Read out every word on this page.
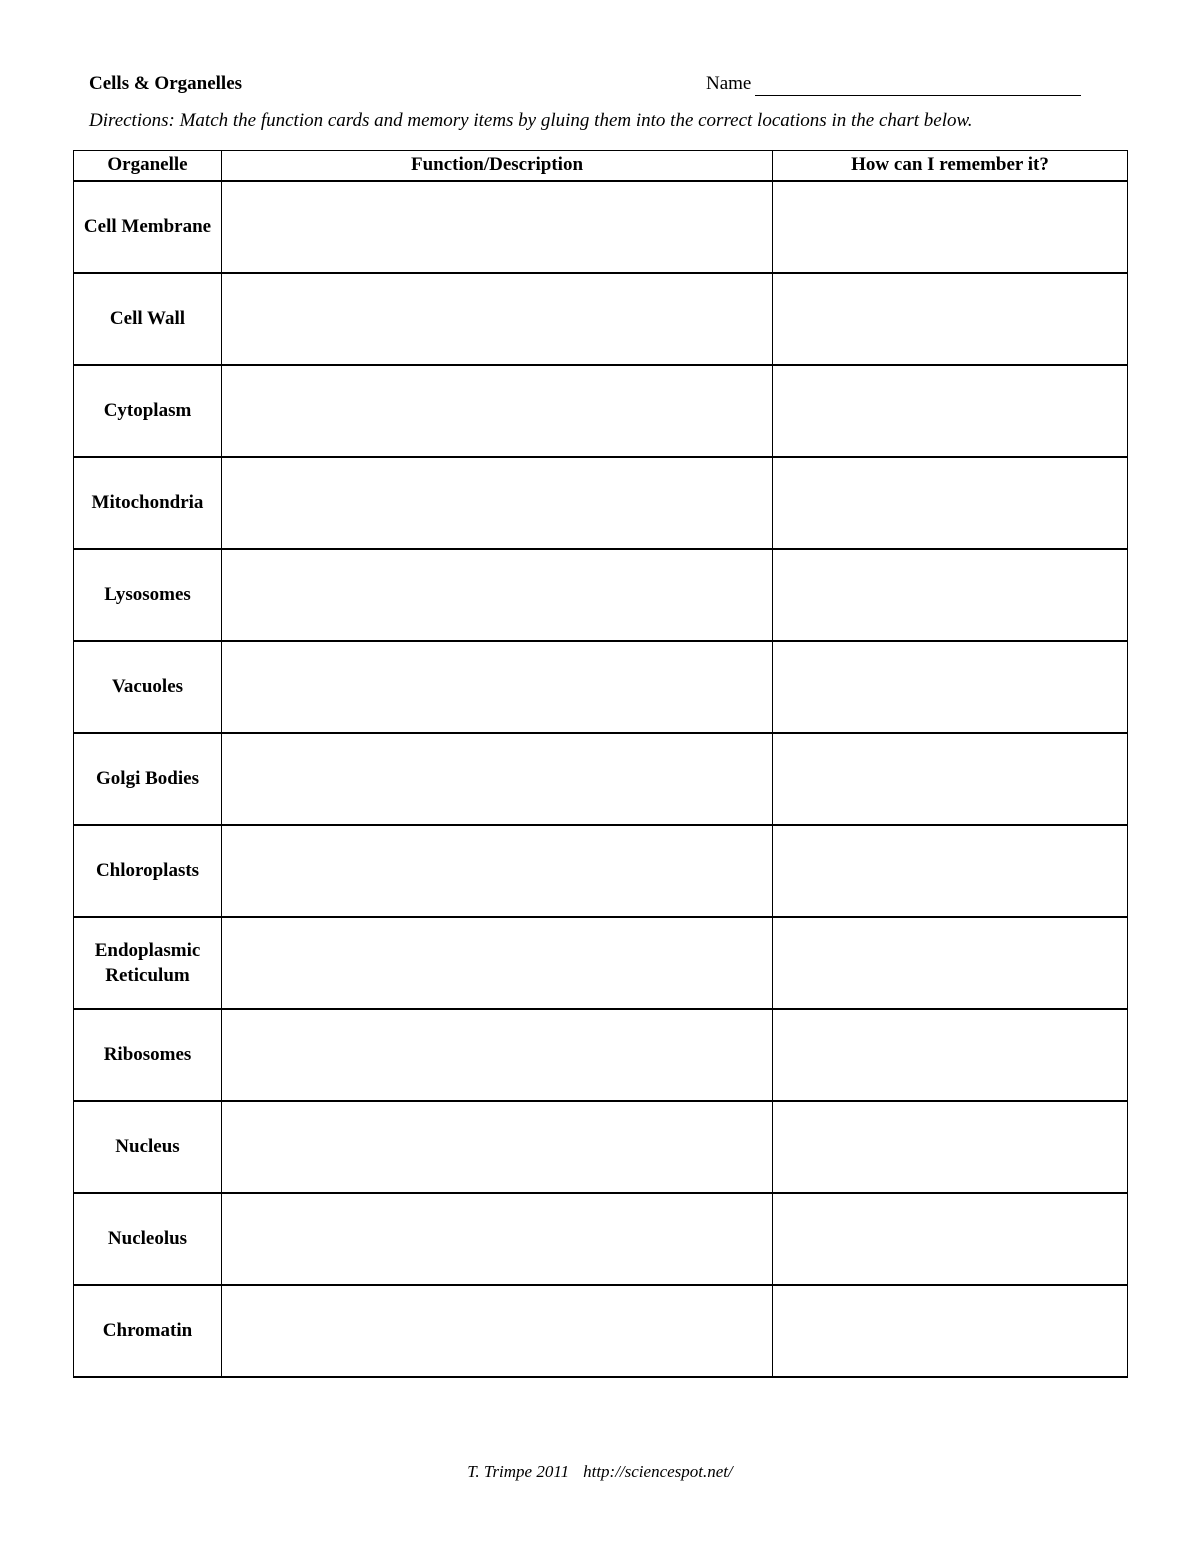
Cells & Organelles	Name
Directions: Match the function cards and memory items by gluing them into the correct locations in the chart below.
Organelle	Function/Description	How can I remember it?
Cell Membrane		
Cell Wall		
Cytoplasm		
Mitochondria		
Lysosomes		
Vacuoles		
Golgi Bodies		
Chloroplasts		
Endoplasmic Reticulum		
Ribosomes		
Nucleus		
Nucleolus		
Chromatin		
T. Trimpe 2011 http://sciencespot.net/
